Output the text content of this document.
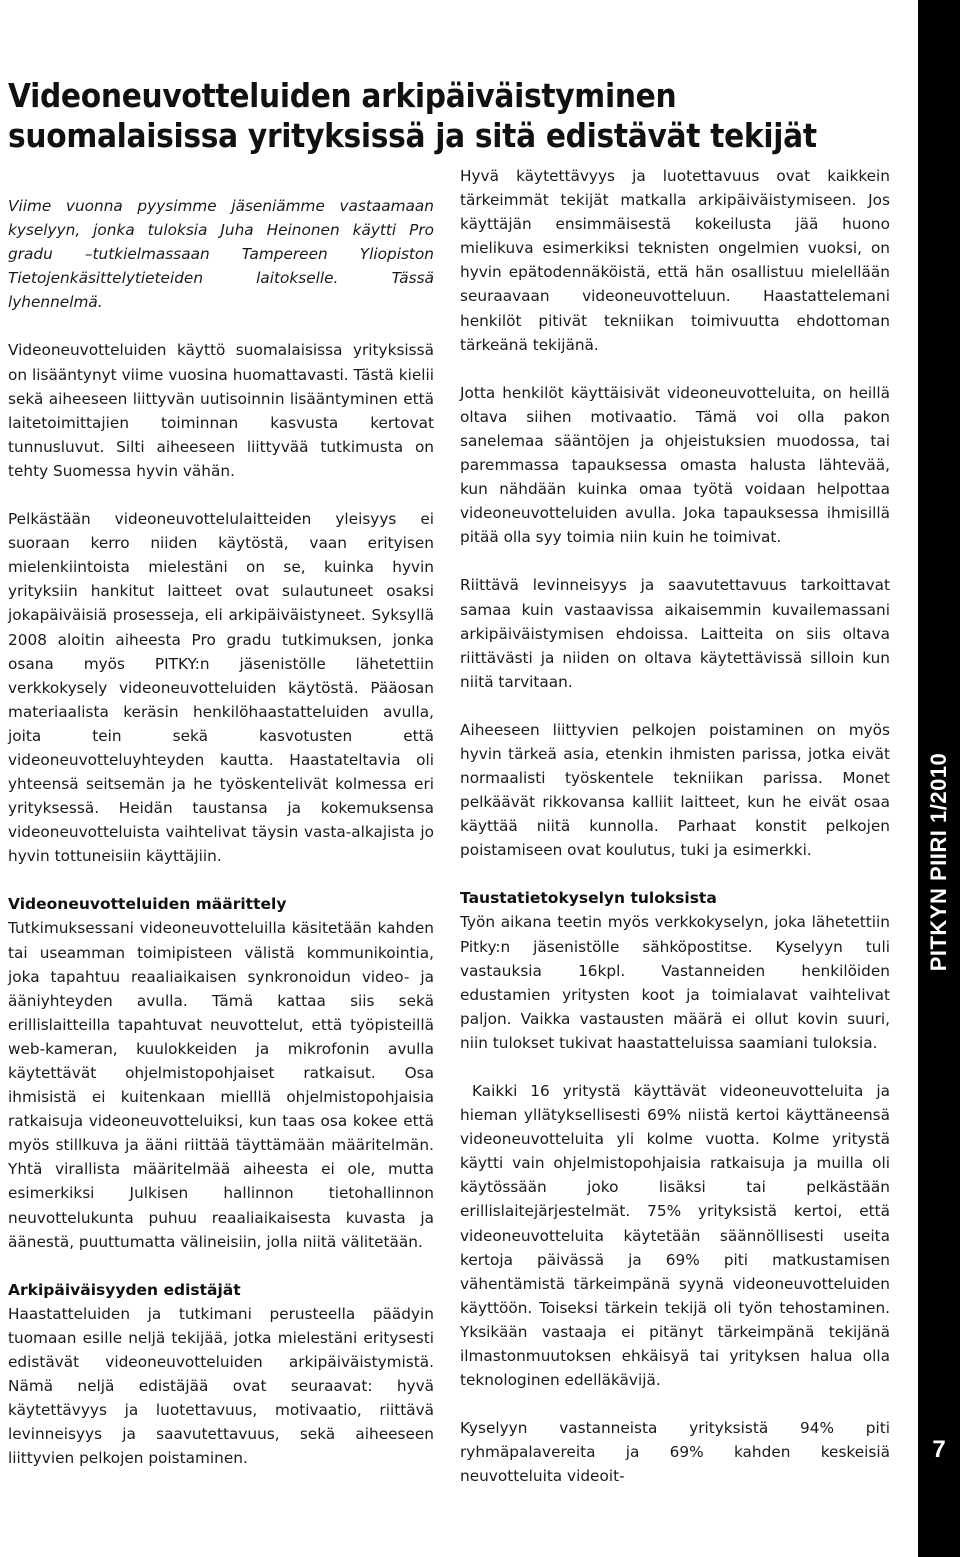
Videoneuvotteluiden arkipäiväistyminen
suomalaisissa yrityksissä ja sitä edistävät tekijät

Viime vuonna pyysimme jäseniämme vastaamaan kyselyyn, jonka tuloksia Juha Heinonen käytti Pro gradu –tutkielmassaan Tampereen Yliopiston Tietojenkäsittelytieteiden laitokselle. Tässä lyhennelmä.

Videoneuvotteluiden käyttö suomalaisissa yrityksissä on lisääntynyt viime vuosina huomattavasti. Tästä kielii sekä aiheeseen liittyvän uutisoinnin lisääntyminen että laitetoimittajien toiminnan kasvusta kertovat tunnusluvut. Silti aiheeseen liittyvää tutkimusta on tehty Suomessa hyvin vähän.

Pelkästään videoneuvottelulaitteiden yleisyys ei suoraan kerro niiden käytöstä, vaan erityisen mielenkiintoista mielestäni on se, kuinka hyvin yrityksiin hankitut laitteet ovat sulautuneet osaksi jokapäiväisiä prosesseja, eli arkipäiväistyneet. Syksyllä 2008 aloitin aiheesta Pro gradu tutkimuksen, jonka osana myös PITKY:n jäsenistölle lähetettiin verkkokysely videoneuvotteluiden käytöstä. Pääosan materiaalista keräsin henkilöhaastatteluiden avulla, joita tein sekä kasvotusten että videoneuvotteluyhteyden kautta. Haastateltavia oli yhteensä seitsemän ja he työskentelivät kolmessa eri yrityksessä. Heidän taustansa ja kokemuksensa videoneuvotteluista vaihtelivat täysin vasta-alkajista jo hyvin tottuneisiin käyttäjiin.

Videoneuvotteluiden määrittely

Tutkimuksessani videoneuvotteluilla käsitetään kahden tai useamman toimipisteen välistä kommunikointia, joka tapahtuu reaaliaikaisen synkronoidun video- ja ääniyhteyden avulla. Tämä kattaa siis sekä erillislaitteilla tapahtuvat neuvottelut, että työpisteillä web-kameran, kuulokkeiden ja mikrofonin avulla käytettävät ohjelmistopohjaiset ratkaisut. Osa ihmisistä ei kuitenkaan mielllä ohjelmistopohjaisia ratkaisuja videoneuvotteluiksi, kun taas osa kokee että myös stillkuva ja ääni riittää täyttämään määritelmän. Yhtä virallista määritelmää aiheesta ei ole, mutta esimerkiksi Julkisen hallinnon tietohallinnon neuvottelukunta puhuu reaaliaikaisesta kuvasta ja äänestä, puuttumatta välineisiin, jolla niitä välitetään.

Arkipäiväisyyden edistäjät

Haastatteluiden ja tutkimani perusteella päädyin tuomaan esille neljä tekijää, jotka mielestäni eritysesti edistävät videoneuvotteluiden arkipäiväistymistä. Nämä neljä edistäjää ovat seuraavat: hyvä käytettävyys ja luotettavuus, motivaatio, riittävä levinneisyys ja saavutettavuus, sekä aiheeseen liittyvien pelkojen poistaminen.

Hyvä käytettävyys ja luotettavuus ovat kaikkein tärkeimmät tekijät matkalla arkipäiväistymiseen. Jos käyttäjän ensimmäisestä kokeilusta jää huono mielikuva esimerkiksi teknisten ongelmien vuoksi, on hyvin epätodennäköistä, että hän osallistuu mielellään seuraavaan videoneuvotteluun. Haastattelemani henkilöt pitivät tekniikan toimivuutta ehdottoman tärkeänä tekijänä.

Jotta henkilöt käyttäisivät videoneuvotteluita, on heillä oltava siihen motivaatio. Tämä voi olla pakon sanelemaa sääntöjen ja ohjeistuksien muodossa, tai paremmassa tapauksessa omasta halusta lähtevää, kun nähdään kuinka omaa työtä voidaan helpottaa videoneuvotteluiden avulla. Joka tapauksessa ihmisillä pitää olla syy toimia niin kuin he toimivat.

Riittävä levinneisyys ja saavutettavuus tarkoittavat samaa kuin vastaavissa aikaisemmin kuvailemassani arkipäiväistymisen ehdoissa. Laitteita on siis oltava riittävästi ja niiden on oltava käytettävissä silloin kun niitä tarvitaan.

Aiheeseen liittyvien pelkojen poistaminen on myös hyvin tärkeä asia, etenkin ihmisten parissa, jotka eivät normaalisti työskentele tekniikan parissa. Monet pelkäävät rikkovansa kalliit laitteet, kun he eivät osaa käyttää niitä kunnolla. Parhaat konstit pelkojen poistamiseen ovat koulutus, tuki ja esimerkki.

Taustatietokyselyn tuloksista

Työn aikana teetin myös verkkokyselyn, joka lähetettiin Pitky:n jäsenistölle sähköpostitse. Kyselyyn tuli vastauksia 16kpl. Vastanneiden henkilöiden edustamien yritysten koot ja toimialavat vaihtelivat paljon. Vaikka vastausten määrä ei ollut kovin suuri, niin tulokset tukivat haastatteluissa saamiani tuloksia.

Kaikki 16 yritystä käyttävät videoneuvotteluita ja hieman yllätyksellisesti 69% niistä kertoi käyttäneensä videoneuvotteluita yli kolme vuotta. Kolme yritystä käytti vain ohjelmistopohjaisia ratkaisuja ja muilla oli käytössään joko lisäksi tai pelkästään erillislaitejärjestelmät. 75% yrityksistä kertoi, että videoneuvotteluita käytetään säännöllisesti useita kertoja päivässä ja 69% piti matkustamisen vähentämistä tärkeimpänä syynä videoneuvotteluiden käyttöön. Toiseksi tärkein tekijä oli työn tehostaminen. Yksikään vastaaja ei pitänyt tärkeimpänä tekijänä ilmastonmuutoksen ehkäisyä tai yrityksen halua olla teknologinen edelläkävijä.

Kyselyyn vastanneista yrityksistä 94% piti ryhmäpalavereita ja 69% kahden keskeisiä neuvotteluita videoit-

PITKYN PIIRI 1/2010
7
